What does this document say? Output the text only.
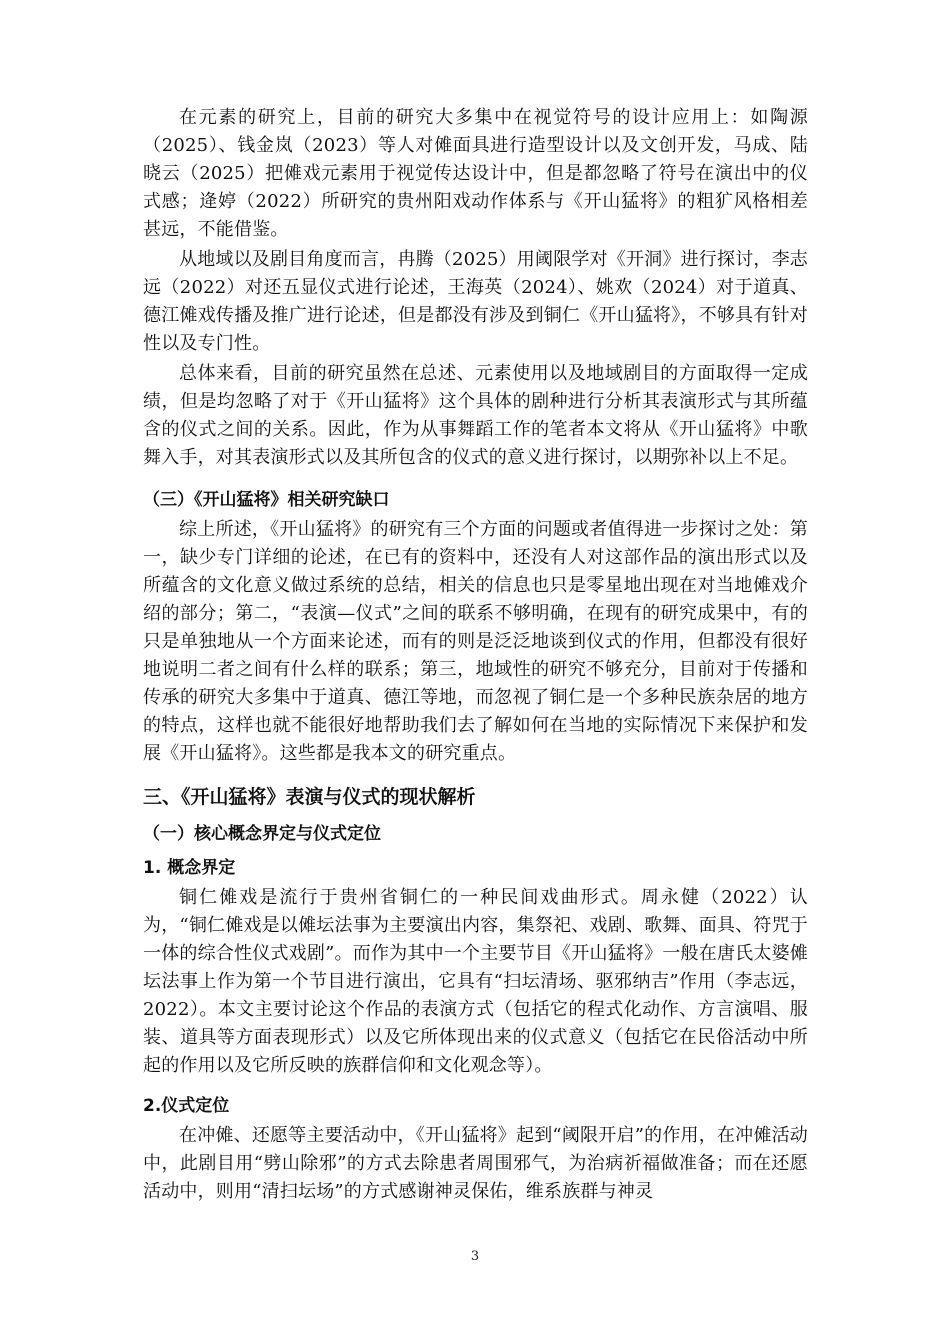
在元素的研究上，目前的研究大多集中在视觉符号的设计应用上：如陶源（2025）、钱金岚（2023）等人对傩面具进行造型设计以及文创开发，马成、陆晓云（2025）把傩戏元素用于视觉传达设计中，但是都忽略了符号在演出中的仪式感；逄婷（2022）所研究的贵州阳戏动作体系与《开山猛将》的粗犷风格相差甚远，不能借鉴。

从地域以及剧目角度而言，冉腾（2025）用阈限学对《开洞》进行探讨，李志远（2022）对还五显仪式进行论述，王海英（2024）、姚欢（2024）对于道真、德江傩戏传播及推广进行论述，但是都没有涉及到铜仁《开山猛将》，不够具有针对性以及专门性。

总体来看，目前的研究虽然在总述、元素使用以及地域剧目的方面取得一定成绩，但是均忽略了对于《开山猛将》这个具体的剧种进行分析其表演形式与其所蕴含的仪式之间的关系。因此，作为从事舞蹈工作的笔者本文将从《开山猛将》中歌舞入手，对其表演形式以及其所包含的仪式的意义进行探讨，以期弥补以上不足。

（三）《开山猛将》相关研究缺口

综上所述，《开山猛将》的研究有三个方面的问题或者值得进一步探讨之处：第一，缺少专门详细的论述，在已有的资料中，还没有人对这部作品的演出形式以及所蕴含的文化意义做过系统的总结，相关的信息也只是零星地出现在对当地傩戏介绍的部分；第二，“表演—仪式”之间的联系不够明确，在现有的研究成果中，有的只是单独地从一个方面来论述，而有的则是泛泛地谈到仪式的作用，但都没有很好地说明二者之间有什么样的联系；第三，地域性的研究不够充分，目前对于传播和传承的研究大多集中于道真、德江等地，而忽视了铜仁是一个多种民族杂居的地方的特点，这样也就不能很好地帮助我们去了解如何在当地的实际情况下来保护和发展《开山猛将》。这些都是我本文的研究重点。

三、《开山猛将》表演与仪式的现状解析
（一）核心概念界定与仪式定位
1. 概念界定

铜仁傩戏是流行于贵州省铜仁的一种民间戏曲形式。周永健（2022）认为，“铜仁傩戏是以傩坛法事为主要演出内容，集祭祀、戏剧、歌舞、面具、符咒于一体的综合性仪式戏剧”。而作为其中一个主要节目《开山猛将》一般在唐氏太婆傩坛法事上作为第一个节目进行演出，它具有“扫坛清场、驱邪纳吉”作用（李志远，2022）。本文主要讨论这个作品的表演方式（包括它的程式化动作、方言演唱、服装、道具等方面表现形式）以及它所体现出来的仪式意义（包括它在民俗活动中所起的作用以及它所反映的族群信仰和文化观念等）。

2.仪式定位

在冲傩、还愿等主要活动中，《开山猛将》起到“阈限开启”的作用，在冲傩活动中，此剧目用“劈山除邪”的方式去除患者周围邪气，为治病祈福做准备；而在还愿活动中，则用“清扫坛场”的方式感谢神灵保佑，维系族群与神灵

3
